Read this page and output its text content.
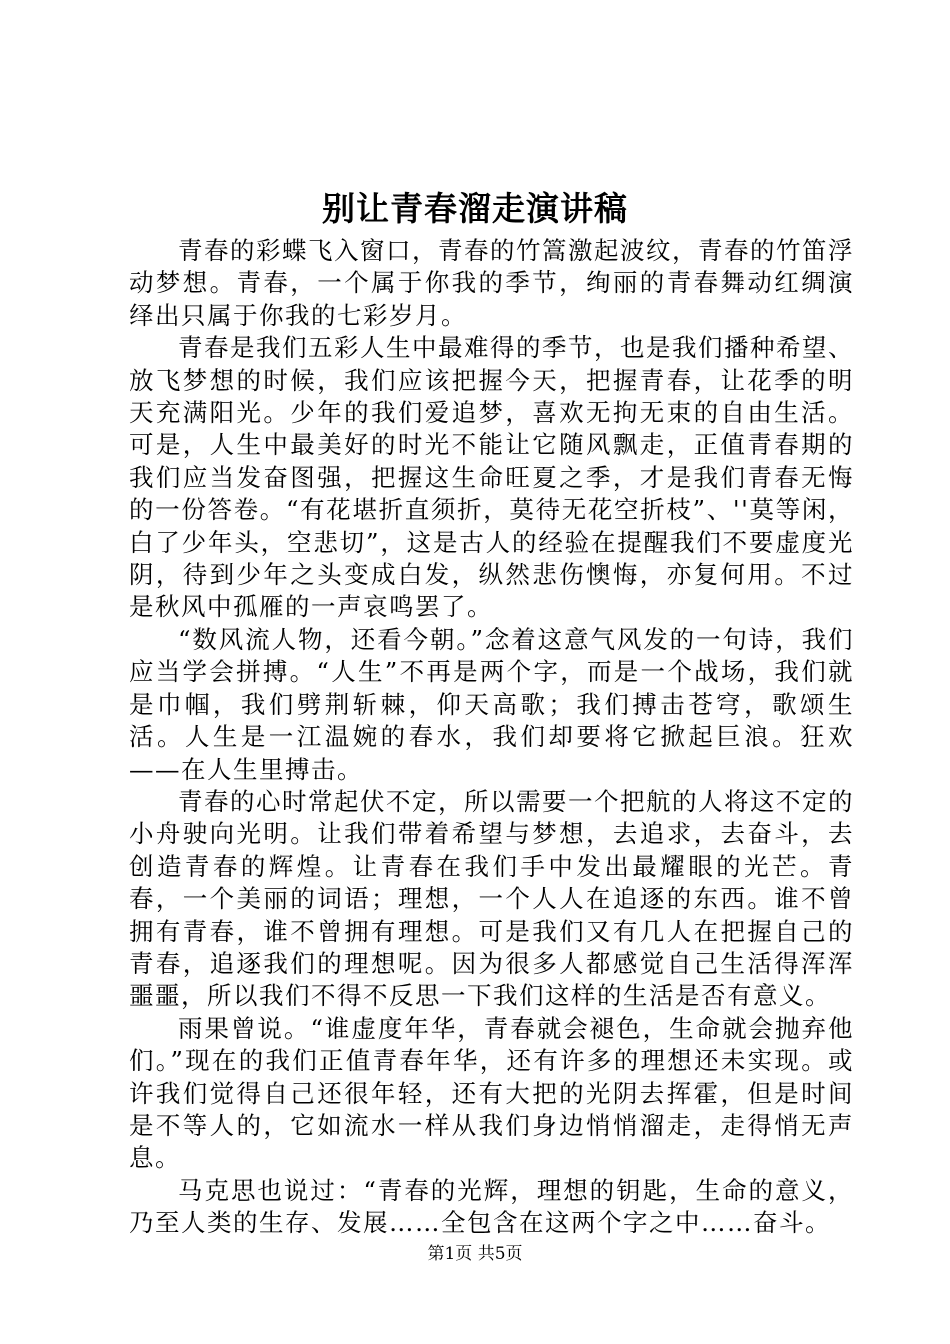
别让青春溜走演讲稿

青春的彩蝶飞入窗口，青春的竹篙激起波纹，青春的竹笛浮动梦想。青春，一个属于你我的季节，绚丽的青春舞动红绸演绎出只属于你我的七彩岁月。

青春是我们五彩人生中最难得的季节，也是我们播种希望、放飞梦想的时候，我们应该把握今天，把握青春，让花季的明天充满阳光。少年的我们爱追梦，喜欢无拘无束的自由生活。可是，人生中最美好的时光不能让它随风飘走，正值青春期的我们应当发奋图强，把握这生命旺夏之季，才是我们青春无悔的一份答卷。“有花堪折直须折，莫待无花空折枝”、''莫等闲，白了少年头，空悲切”，这是古人的经验在提醒我们不要虚度光阴，待到少年之头变成白发，纵然悲伤懊悔，亦复何用。不过是秋风中孤雁的一声哀鸣罢了。

“数风流人物，还看今朝。”念着这意气风发的一句诗，我们应当学会拼搏。“人生”不再是两个字，而是一个战场，我们就是巾帼，我们劈荆斩棘，仰天高歌；我们搏击苍穹，歌颂生活。人生是一江温婉的春水，我们却要将它掀起巨浪。狂欢——在人生里搏击。

青春的心时常起伏不定，所以需要一个把航的人将这不定的小舟驶向光明。让我们带着希望与梦想，去追求，去奋斗，去创造青春的辉煌。让青春在我们手中发出最耀眼的光芒。青春，一个美丽的词语；理想，一个人人在追逐的东西。谁不曾拥有青春，谁不曾拥有理想。可是我们又有几人在把握自己的青春，追逐我们的理想呢。因为很多人都感觉自己生活得浑浑噩噩，所以我们不得不反思一下我们这样的生活是否有意义。

雨果曾说。“谁虚度年华，青春就会褪色，生命就会抛弃他们。”现在的我们正值青春年华，还有许多的理想还未实现。或许我们觉得自己还很年轻，还有大把的光阴去挥霍，但是时间是不等人的，它如流水一样从我们身边悄悄溜走，走得悄无声息。

马克思也说过：“青春的光辉，理想的钥匙，生命的意义，乃至人类的生存、发展……全包含在这两个字之中……奋斗。

第1页 共5页
